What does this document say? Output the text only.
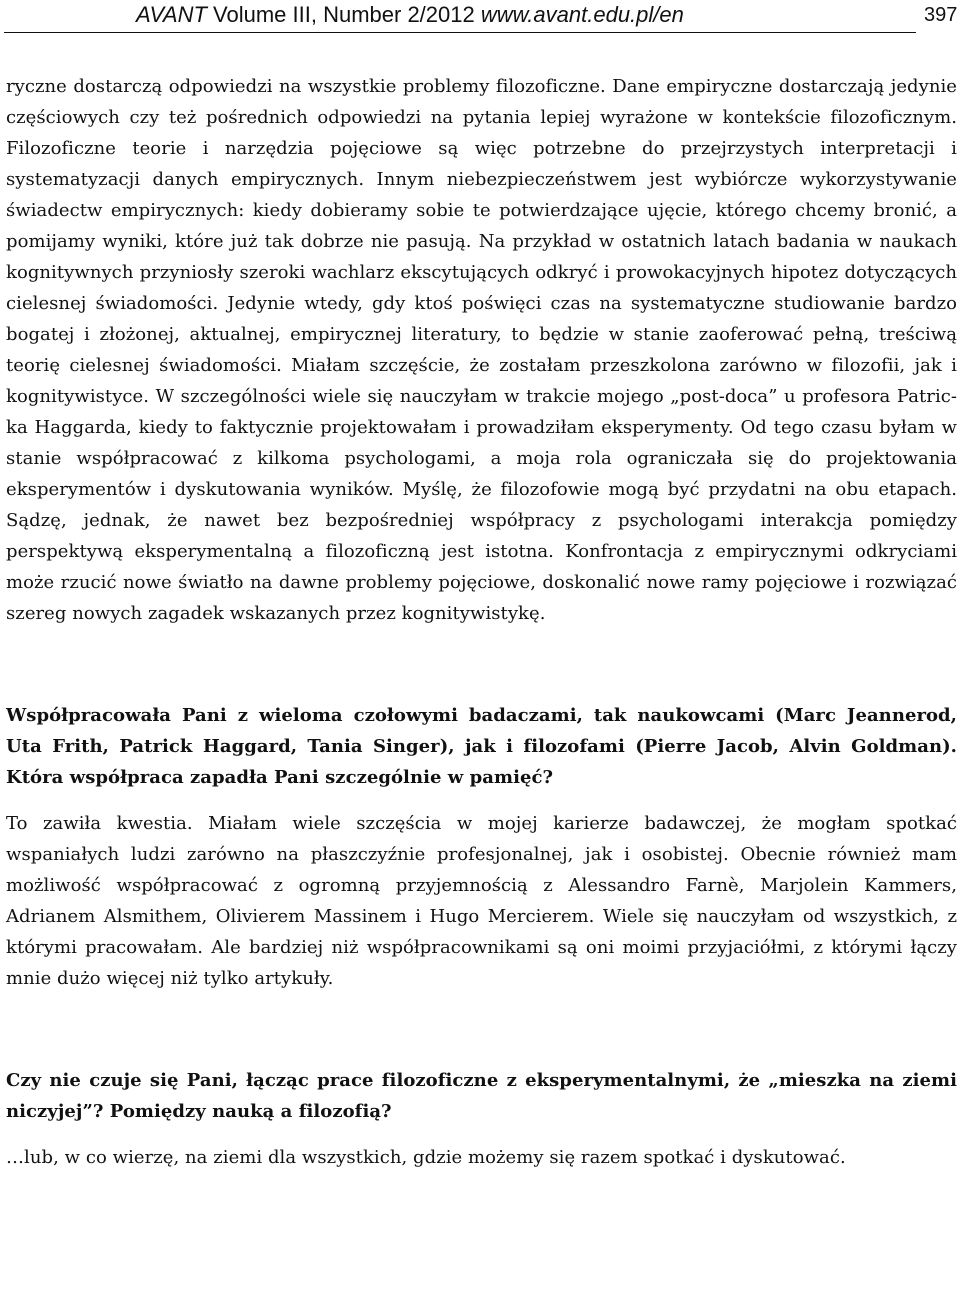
AVANT Volume III, Number 2/2012 www.avant.edu.pl/en	397

ryczne dostarczą odpowiedzi na wszystkie problemy filozoficzne. Dane empiryczne dostarczają jedynie częściowych czy też pośrednich odpowiedzi na pytania lepiej wyrażone w kontekście filozoficznym. Filozoficzne teorie i narzędzia pojęciowe są więc potrzebne do przejrzystych interpretacji i systematyzacji danych empirycznych. Innym niebezpieczeństwem jest wybiórcze wykorzystywanie świadectw empirycznych: kiedy dobieramy sobie te potwierdzające ujęcie, którego chcemy bronić, a pomijamy wyniki, które już tak dobrze nie pasują. Na przykład w ostatnich latach badania w naukach kognitywnych przyniosły szeroki wachlarz ekscytujących odkryć i prowokacyjnych hipotez dotyczących cielesnej świadomości. Jedynie wtedy, gdy ktoś poświęci czas na systematyczne studiowanie bardzo bogatej i złożonej, aktualnej, empirycznej literatury, to będzie w stanie zaoferować pełną, treściwą teorię cielesnej świadomości. Miałam szczęście, że zostałam przeszkolona zarówno w filozofii, jak i kognitywistyce. W szczególności wiele się nauczyłam w trakcie mojego „post-doca” u profesora Patricka Haggarda, kiedy to faktycznie projektowałam i prowadziłam eksperymenty. Od tego czasu byłam w stanie współpracować z kilkoma psychologami, a moja rola ograniczała się do projektowania eksperymentów i dyskutowania wyników. Myślę, że filozofowie mogą być przydatni na obu etapach. Sądzę, jednak, że nawet bez bezpośredniej współpracy z psychologami interakcja pomiędzy perspektywą eksperymentalną a filozoficzną jest istotna. Konfrontacja z empirycznymi odkryciami może rzucić nowe światło na dawne problemy pojęciowe, doskonalić nowe ramy pojęciowe i rozwiązać szereg nowych zagadek wskazanych przez kognitywistykę.

Współpracowała Pani z wieloma czołowymi badaczami, tak naukowcami (Marc Jeannerod, Uta Frith, Patrick Haggard, Tania Singer), jak i filozofami (Pierre Jacob, Alvin Goldman). Która współpraca zapadła Pani szczególnie w pamięć?

To zawiła kwestia. Miałam wiele szczęścia w mojej karierze badawczej, że mogłam spotkać wspaniałych ludzi zarówno na płaszczyźnie profesjonalnej, jak i osobistej. Obecnie również mam możliwość współpracować z ogromną przyjemnością z Alessandro Farnè, Marjolein Kammers, Adrianem Alsmithem, Olivierem Massinem i Hugo Mercierem. Wiele się nauczyłam od wszystkich, z którymi pracowałam. Ale bardziej niż współpracownikami są oni moimi przyjaciółmi, z którymi łączy mnie dużo więcej niż tylko artykuły.

Czy nie czuje się Pani, łącząc prace filozoficzne z eksperymentalnymi, że „mieszka na ziemi niczyjej”? Pomiędzy nauką a filozofią?

…lub, w co wierzę, na ziemi dla wszystkich, gdzie możemy się razem spotkać i dyskutować.
